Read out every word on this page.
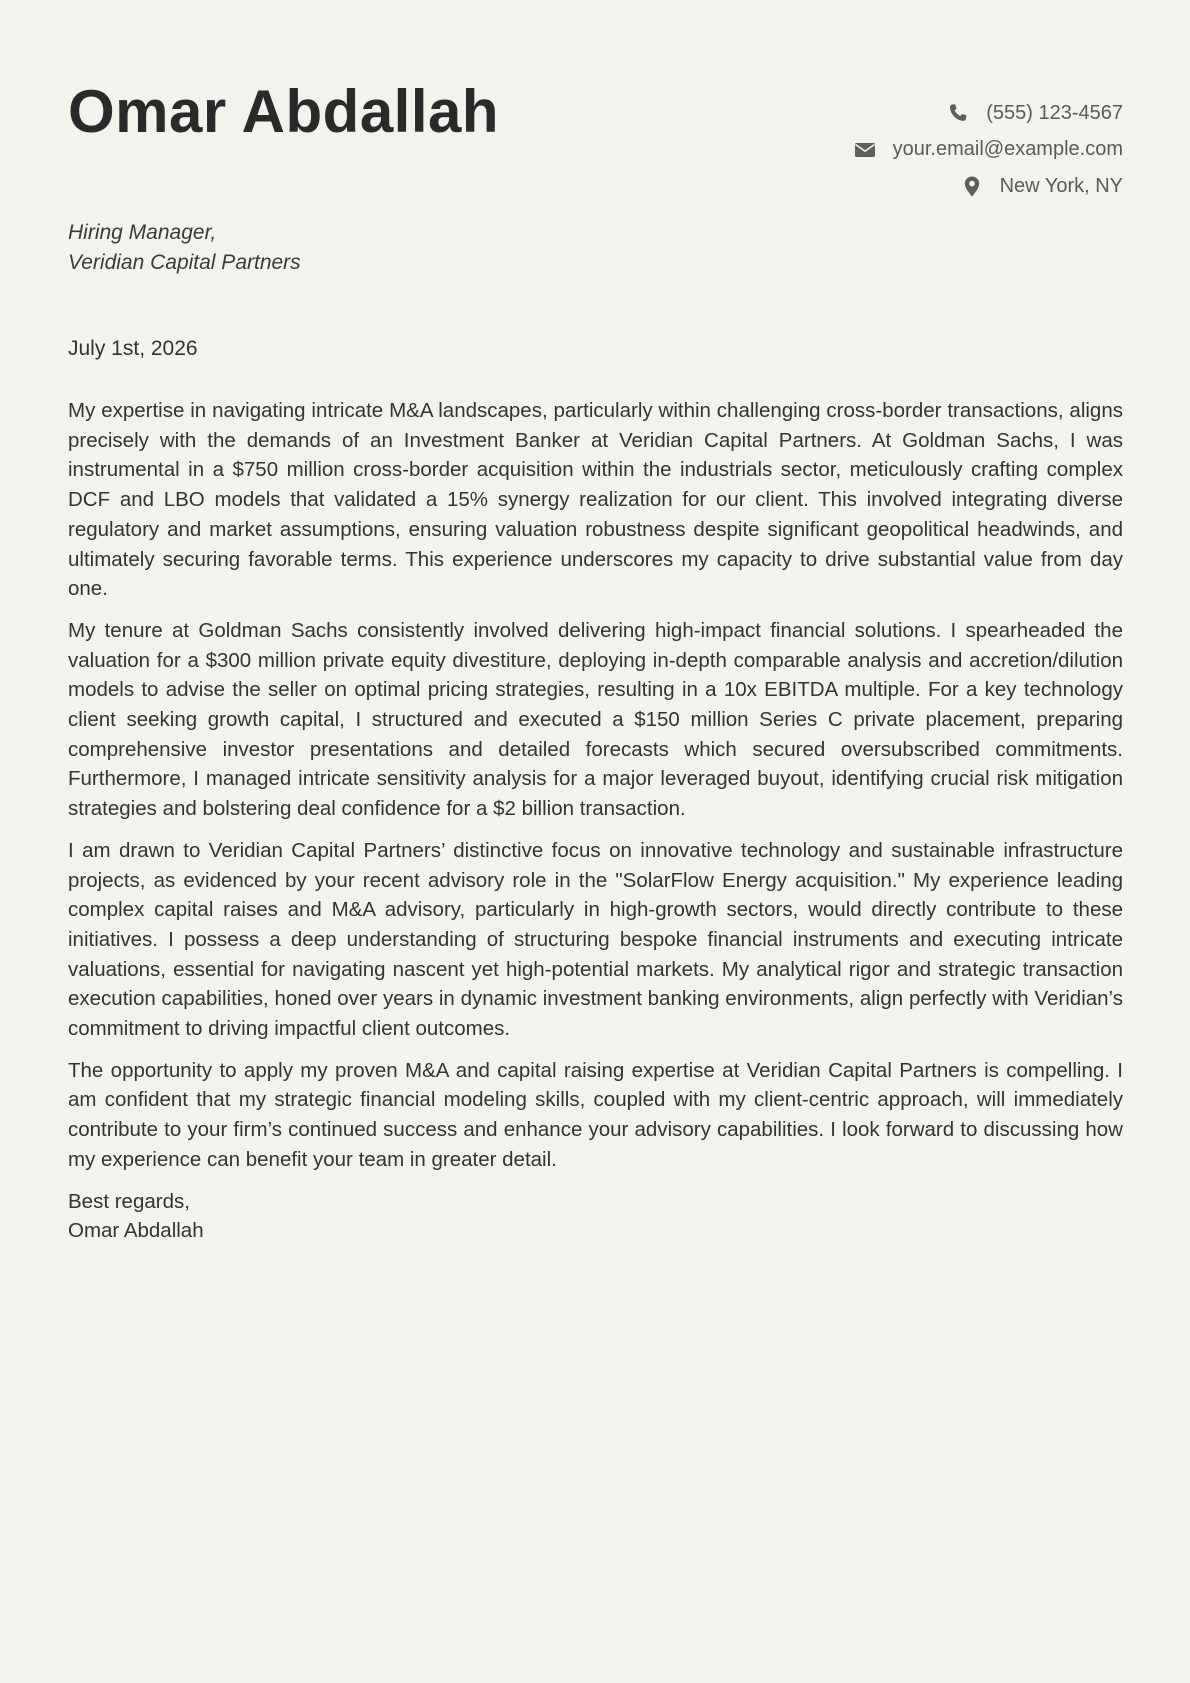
Omar Abdallah	(555) 123-4567
your.email@example.com
New York, NY
Hiring Manager,
Veridian Capital Partners
July 1st, 2026

My expertise in navigating intricate M&A landscapes, particularly within challenging cross-border transactions, aligns precisely with the demands of an Investment Banker at Veridian Capital Partners. At Goldman Sachs, I was instrumental in a $750 million cross-border acquisition within the industrials sector, meticulously crafting complex DCF and LBO models that validated a 15% synergy realization for our client. This involved integrating diverse regulatory and market assumptions, ensuring valuation robustness despite significant geopolitical headwinds, and ultimately securing favorable terms. This experience underscores my capacity to drive substantial value from day one.

My tenure at Goldman Sachs consistently involved delivering high-impact financial solutions. I spearheaded the valuation for a $300 million private equity divestiture, deploying in-depth comparable analysis and accretion/dilution models to advise the seller on optimal pricing strategies, resulting in a 10x EBITDA multiple. For a key technology client seeking growth capital, I structured and executed a $150 million Series C private placement, preparing comprehensive investor presentations and detailed forecasts which secured oversubscribed commitments. Furthermore, I managed intricate sensitivity analysis for a major leveraged buyout, identifying crucial risk mitigation strategies and bolstering deal confidence for a $2 billion transaction.

I am drawn to Veridian Capital Partners’ distinctive focus on innovative technology and sustainable infrastructure projects, as evidenced by your recent advisory role in the "SolarFlow Energy acquisition." My experience leading complex capital raises and M&A advisory, particularly in high-growth sectors, would directly contribute to these initiatives. I possess a deep understanding of structuring bespoke financial instruments and executing intricate valuations, essential for navigating nascent yet high-potential markets. My analytical rigor and strategic transaction execution capabilities, honed over years in dynamic investment banking environments, align perfectly with Veridian’s commitment to driving impactful client outcomes.

The opportunity to apply my proven M&A and capital raising expertise at Veridian Capital Partners is compelling. I am confident that my strategic financial modeling skills, coupled with my client-centric approach, will immediately contribute to your firm’s continued success and enhance your advisory capabilities. I look forward to discussing how my experience can benefit your team in greater detail.

Best regards,
Omar Abdallah
